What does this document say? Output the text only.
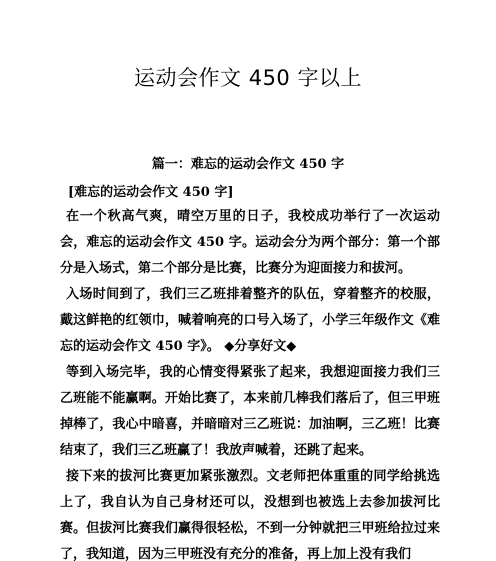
运动会作文 450 字以上
篇一：难忘的运动会作文 450 字
[难忘的运动会作文 450 字]

在一个秋高气爽，晴空万里的日子，我校成功举行了一次运动会，难忘的运动会作文 450 字。运动会分为两个部分：第一个部分是入场式，第二个部分是比赛，比赛分为迎面接力和拔河。

入场时间到了，我们三乙班排着整齐的队伍，穿着整齐的校服，戴这鲜艳的红领巾，喊着响亮的口号入场了，小学三年级作文《难忘的运动会作文 450 字》。 ◆分享好文◆

等到入场完毕，我的心情变得紧张了起来，我想迎面接力我们三乙班能不能赢啊。开始比赛了，本来前几棒我们落后了，但三甲班掉棒了，我心中暗喜，并暗暗对三乙班说：加油啊，三乙班！比赛结束了，我们三乙班赢了！我放声喊着，还跳了起来。

接下来的拔河比赛更加紧张激烈。文老师把体重重的同学给挑选上了，我自认为自己身材还可以，没想到也被选上去参加拔河比赛。但拔河比赛我们赢得很轻松，不到一分钟就把三甲班给拉过来了，我知道，因为三甲班没有充分的准备，再上加上没有我们
